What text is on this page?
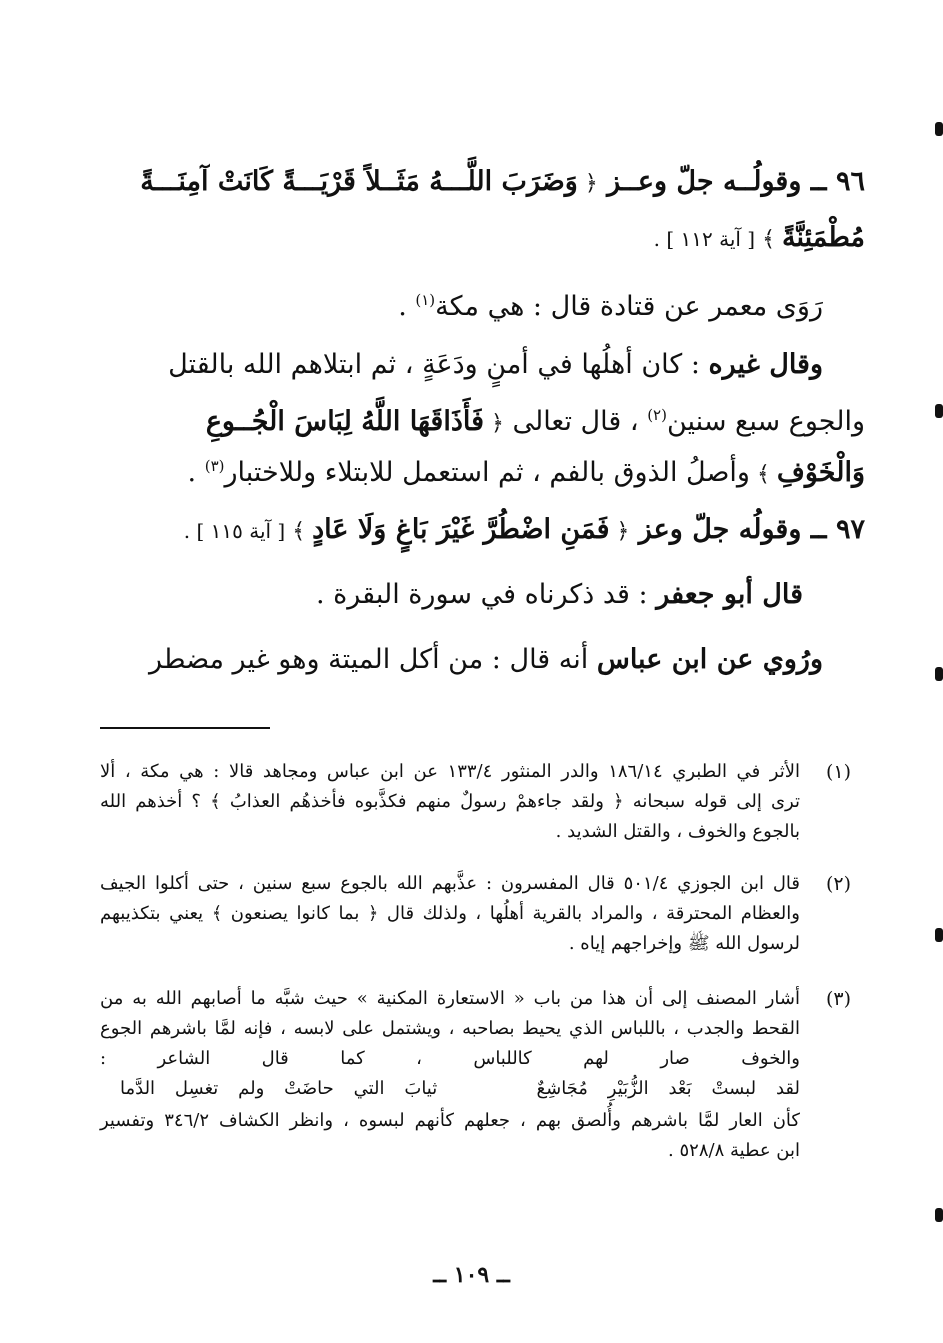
٩٦ ــ وقولُــه جلّ وعــز ﴿ وَضَرَبَ اللَّـــهُ مَثَــلاً قَرْيَـــةً كَانَتْ آمِنَـــةً
مُطْمَئِنَّةً ﴾ [ آية ١١٢ ] .
رَوَى معمر عن قتادة قال : هي مكة$^{(١)}$ .
وقال غيره : كان أهلُها في أمنٍ ودَعَةٍ ، ثم ابتلاهم الله بالقتل
والجوع سبع سنين$^{(٢)}$ ، قال تعالى ﴿ فَأَذَاقَهَا اللَّهُ لِبَاسَ الْجُــوعِ
وَالْخَوْفِ ﴾ وأصلُ الذوق بالفم ، ثم استعمل للابتلاء وللاختبار$^{(٣)}$ .
٩٧ ــ وقولُه جلّ وعز ﴿ فَمَنِ اضْطُرَّ غَيْرَ بَاغٍ وَلَا عَادٍ ﴾ [ آية ١١٥ ] .
قال أبو جعفر : قد ذكرناه في سورة البقرة .
ورُوي عن ابن عباس أنه قال : من أكل الميتة وهو غير مضطر
(١)
الأثر في الطبري ١٨٦/١٤ والدر المنثور ١٣٣/٤ عن ابن عباس ومجاهد قالا : هي مكة ، ألا
ترى إلى قوله سبحانه ﴿ ولقد جاءهمْ رسولٌ منهم فكذَّبوه فأخذهُم العذابُ ﴾ ؟ أخذهم الله
بالجوع والخوف ، والقتل الشديد .
(٢)
قال ابن الجوزي ٥٠١/٤ قال المفسرون : عذَّبهم الله بالجوع سبع سنين ، حتى أكلوا الجيف
والعظام المحترقة ، والمراد بالقرية أهلُها ، ولذلك قال ﴿ بما كانوا يصنعون ﴾ يعني بتكذيبهم
لرسول الله ﷺ وإخراجهم إياه .
(٣)
أشار المصنف إلى أن هذا من باب « الاستعارة المكنية » حيث شبَّه ما أصابهم الله به من
القحط والجدب ، باللباس الذي يحيط بصاحبه ، ويشتمل على لابسه ، فإنه لمَّا باشرهم الجوع
والخوف صار لهم كاللباس ، كما قال الشاعر :
لقد لبستْ بَعْد الزُّبَيْرِ مُجَاشِعٌ     ثيابَ التي حاضَتْ ولم تغسِل الدَّما
كأن العار لمَّا باشرهم وأُلصق بهم ، جعلهم كأنهم لبسوه ، وانظر الكشاف ٣٤٦/٢ وتفسير
ابن عطية ٥٢٨/٨ .
ــ ١٠٩ ــ
